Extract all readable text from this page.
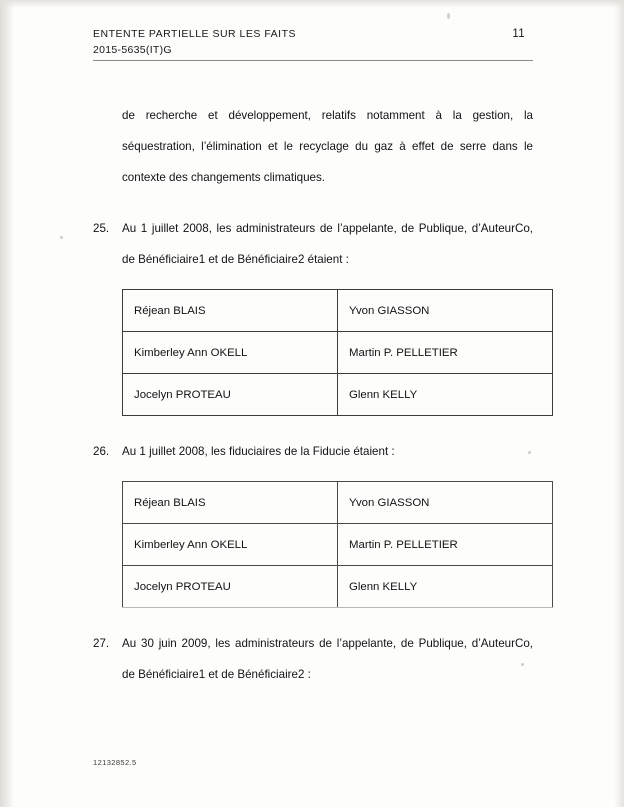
ENTENTE PARTIELLE SUR LES FAITS	11
2015-5635(IT)G
de recherche et développement, relatifs notamment à la gestion, la séquestration, l’élimination et le recyclage du gaz à effet de serre dans le contexte des changements climatiques.
25.	Au 1 juillet 2008, les administrateurs de l’appelante, de Publique, d’AuteurCo, de Bénéficiaire1 et de Bénéficiaire2 étaient :
Réjean BLAIS	Yvon GIASSON
Kimberley Ann OKELL	Martin P. PELLETIER
Jocelyn PROTEAU	Glenn KELLY
26.	Au 1 juillet 2008, les fiduciaires de la Fiducie étaient :
Réjean BLAIS	Yvon GIASSON
Kimberley Ann OKELL	Martin P. PELLETIER
Jocelyn PROTEAU	Glenn KELLY
27.	Au 30 juin 2009, les administrateurs de l’appelante, de Publique, d’AuteurCo, de Bénéficiaire1 et de Bénéficiaire2 :
12132852.5
